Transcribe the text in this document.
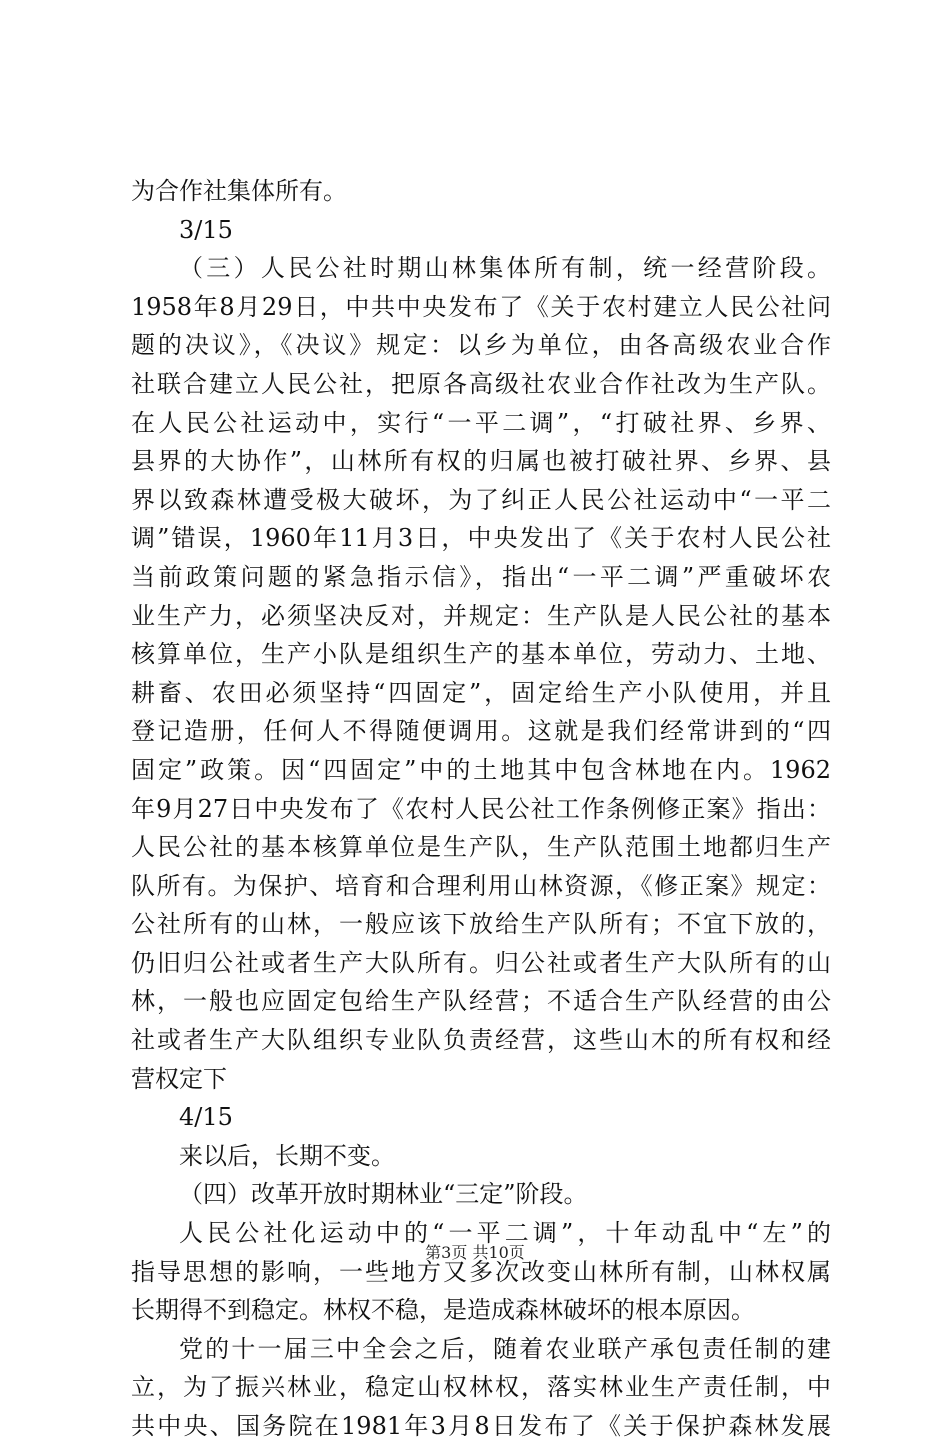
为合作社集体所有。
3/15
（三）人民公社时期山林集体所有制，统一经营阶段。
1958年8月29日，中共中央发布了《关于农村建立人民公社问
题的决议》，《决议》规定：以乡为单位，由各高级农业合作
社联合建立人民公社，把原各高级社农业合作社改为生产队。
在人民公社运动中，实行“一平二调”，“打破社界、乡界、
县界的大协作”，山林所有权的归属也被打破社界、乡界、县
界以致森林遭受极大破坏，为了纠正人民公社运动中“一平二
调”错误，1960年11月3日，中央发出了《关于农村人民公社
当前政策问题的紧急指示信》，指出“一平二调”严重破坏农
业生产力，必须坚决反对，并规定：生产队是人民公社的基本
核算单位，生产小队是组织生产的基本单位，劳动力、土地、
耕畜、农田必须坚持“四固定”，固定给生产小队使用，并且
登记造册，任何人不得随便调用。这就是我们经常讲到的“四
固定”政策。因“四固定”中的土地其中包含林地在内。1962
年9月27日中央发布了《农村人民公社工作条例修正案》指出：
人民公社的基本核算单位是生产队，生产队范围土地都归生产
队所有。为保护、培育和合理利用山林资源，《修正案》规定：
公社所有的山林，一般应该下放给生产队所有；不宜下放的，
仍旧归公社或者生产大队所有。归公社或者生产大队所有的山
林，一般也应固定包给生产队经营；不适合生产队经营的由公
社或者生产大队组织专业队负责经营，这些山木的所有权和经
营权定下
4/15
来以后，长期不变。
（四）改革开放时期林业“三定”阶段。
人民公社化运动中的“一平二调”，十年动乱中“左”的
指导思想的影响，一些地方又多次改变山林所有制，山林权属
长期得不到稳定。林权不稳，是造成森林破坏的根本原因。
党的十一届三中全会之后，随着农业联产承包责任制的建
立，为了振兴林业，稳定山权林权，落实林业生产责任制，中
共中央、国务院在1981年3月8日发布了《关于保护森林发展
第3页 共10页
